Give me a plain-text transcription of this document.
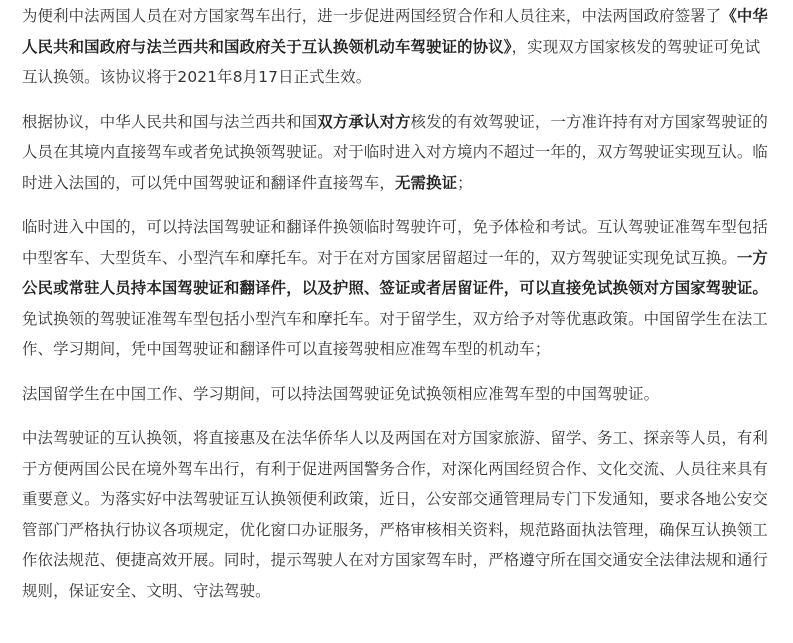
为便利中法两国人员在对方国家驾车出行，进一步促进两国经贸合作和人员往来，中法两国政府签署了《中华人民共和国政府与法兰西共和国政府关于互认换领机动车驾驶证的协议》，实现双方国家核发的驾驶证可免试互认换领。该协议将于2021年8月17日正式生效。

根据协议，中华人民共和国与法兰西共和国双方承认对方核发的有效驾驶证，一方准许持有对方国家驾驶证的人员在其境内直接驾车或者免试换领驾驶证。对于临时进入对方境内不超过一年的，双方驾驶证实现互认。临时进入法国的，可以凭中国驾驶证和翻译件直接驾车，无需换证；

临时进入中国的，可以持法国驾驶证和翻译件换领临时驾驶许可，免予体检和考试。互认驾驶证准驾车型包括中型客车、大型货车、小型汽车和摩托车。对于在对方国家居留超过一年的，双方驾驶证实现免试互换。一方公民或常驻人员持本国驾驶证和翻译件，以及护照、签证或者居留证件，可以直接免试换领对方国家驾驶证。免试换领的驾驶证准驾车型包括小型汽车和摩托车。对于留学生，双方给予对等优惠政策。中国留学生在法工作、学习期间，凭中国驾驶证和翻译件可以直接驾驶相应准驾车型的机动车；

法国留学生在中国工作、学习期间，可以持法国驾驶证免试换领相应准驾车型的中国驾驶证。

中法驾驶证的互认换领，将直接惠及在法华侨华人以及两国在对方国家旅游、留学、务工、探亲等人员，有利于方便两国公民在境外驾车出行，有利于促进两国警务合作，对深化两国经贸合作、文化交流、人员往来具有重要意义。为落实好中法驾驶证互认换领便利政策，近日，公安部交通管理局专门下发通知，要求各地公安交管部门严格执行协议各项规定，优化窗口办证服务，严格审核相关资料，规范路面执法管理，确保互认换领工作依法规范、便捷高效开展。同时，提示驾驶人在对方国家驾车时，严格遵守所在国交通安全法律法规和通行规则，保证安全、文明、守法驾驶。
